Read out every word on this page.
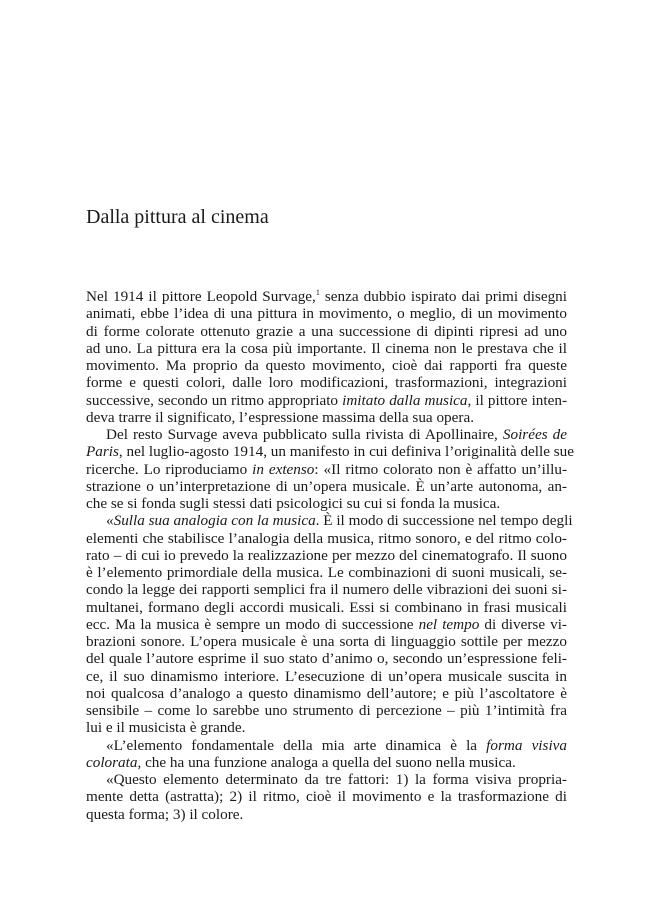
Dalla pittura al cinema
Nel 1914 il pittore Leopold Survage,$^1$ senza dubbio ispirato dai primi disegni
animati, ebbe l’idea di una pittura in movimento, o meglio, di un movimento
di forme colorate ottenuto grazie a una successione di dipinti ripresi ad uno
ad uno. La pittura era la cosa più importante. Il cinema non le prestava che il
movimento. Ma proprio da questo movimento, cioè dai rapporti fra queste
forme e questi colori, dalle loro modificazioni, trasformazioni, integrazioni
successive, secondo un ritmo appropriato imitato dalla musica, il pittore inten-
deva trarre il significato, l’espressione massima della sua opera.
Del resto Survage aveva pubblicato sulla rivista di Apollinaire, Soirées de
Paris, nel luglio-agosto 1914, un manifesto in cui definiva l’originalità delle sue
ricerche. Lo riproduciamo in extenso: «Il ritmo colorato non è affatto un’illu-
strazione o un’interpretazione di un’opera musicale. È un’arte autonoma, an-
che se si fonda sugli stessi dati psicologici su cui si fonda la musica.
«Sulla sua analogia con la musica. È il modo di successione nel tempo degli
elementi che stabilisce l’analogia della musica, ritmo sonoro, e del ritmo colo-
rato – di cui io prevedo la realizzazione per mezzo del cinematografo. Il suono
è l’elemento primordiale della musica. Le combinazioni di suoni musicali, se-
condo la legge dei rapporti semplici fra il numero delle vibrazioni dei suoni si-
multanei, formano degli accordi musicali. Essi si combinano in frasi musicali
ecc. Ma la musica è sempre un modo di successione nel tempo di diverse vi-
brazioni sonore. L’opera musicale è una sorta di linguaggio sottile per mezzo
del quale l’autore esprime il suo stato d’animo o, secondo un’espressione feli-
ce, il suo dinamismo interiore. L’esecuzione di un’opera musicale suscita in
noi qualcosa d’analogo a questo dinamismo dell’autore; e più l’ascoltatore è
sensibile – come lo sarebbe uno strumento di percezione – più 1’intimità fra
lui e il musicista è grande.
«L’elemento fondamentale della mia arte dinamica è la forma visiva
colorata, che ha una funzione analoga a quella del suono nella musica.
«Questo elemento determinato da tre fattori: 1) la forma visiva propria-
mente detta (astratta); 2) il ritmo, cioè il movimento e la trasformazione di
questa forma; 3) il colore.
